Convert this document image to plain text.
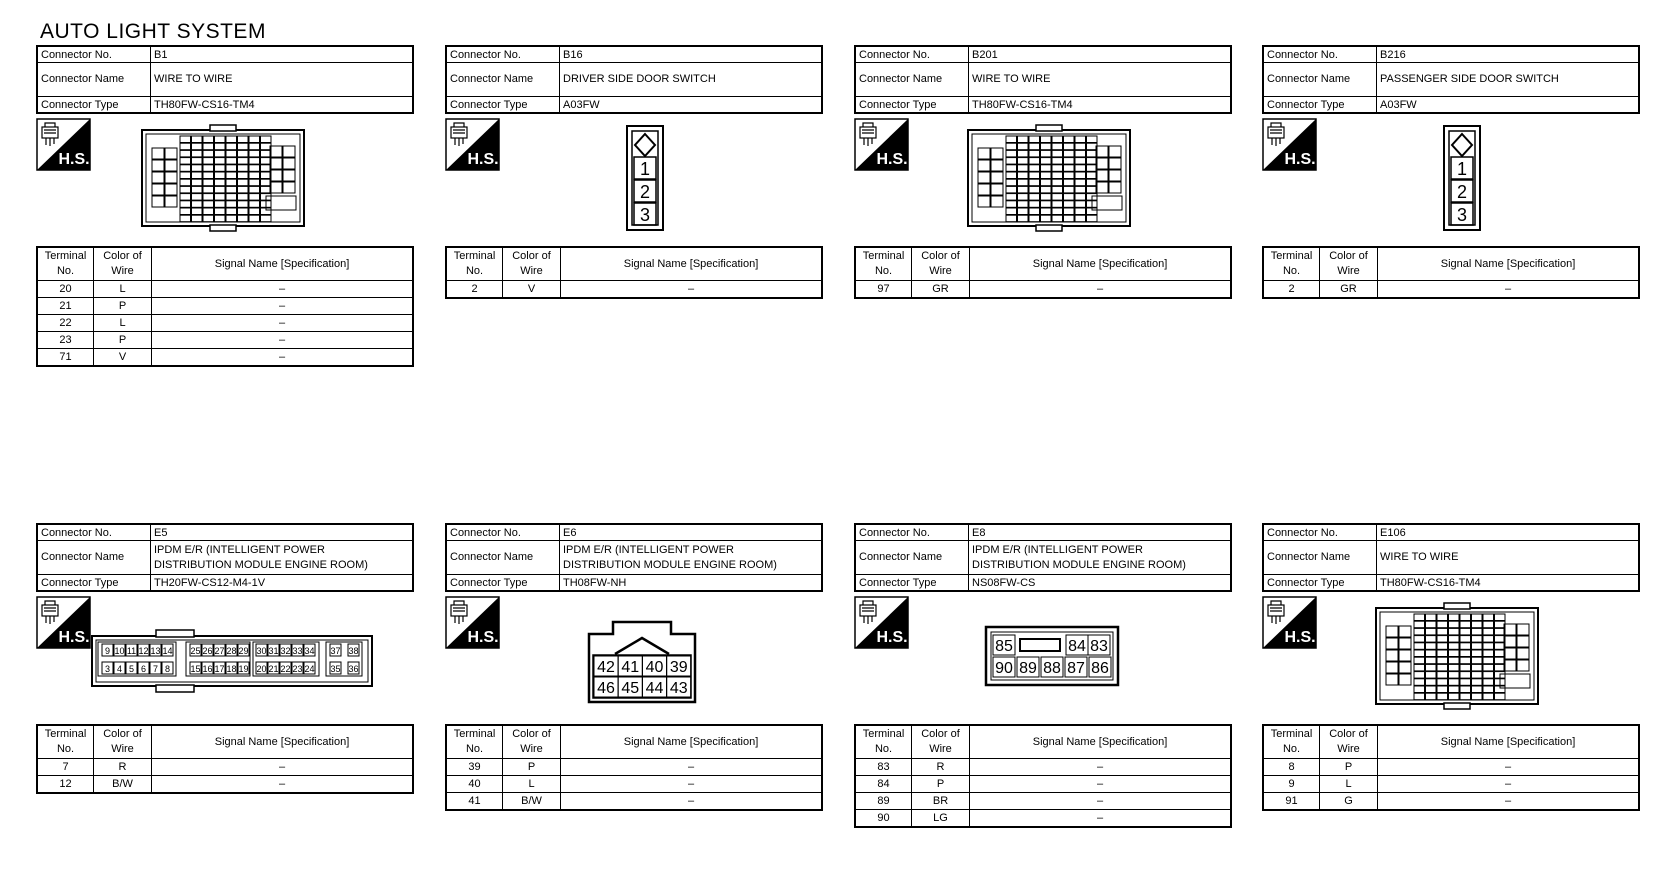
AUTO LIGHT SYSTEM
Connector No.	B1
Connector Name	WIRE TO WIRE

Connector Type	TH80FW-CS16-TM4
H.S.
Terminal No.	Color of Wire	Signal Name [Specification]
20	L	–
21	P	–
22	L	–
23	P	–
71	V	–
Connector No.	B16
Connector Name	DRIVER SIDE DOOR SWITCH

Connector Type	A03FW
H.S.	1
2
3
Terminal No.	Color of Wire	Signal Name [Specification]
2	V	–
Connector No.	B201
Connector Name	WIRE TO WIRE

Connector Type	TH80FW-CS16-TM4
H.S.
Terminal No.	Color of Wire	Signal Name [Specification]
97	GR	–
Connector No.	B216
Connector Name	PASSENGER SIDE DOOR SWITCH

Connector Type	A03FW
H.S.	1
2
3
Terminal No.	Color of Wire	Signal Name [Specification]
2	GR	–
Connector No.	E5
Connector Name	IPDM E/R (INTELLIGENT POWER
DISTRIBUTION MODULE ENGINE ROOM)

Connector Type	TH20FW-CS12-M4-1V
H.S.
9 10 11 12 13 14 25 26 27 28 29 30 31 32 33 34 37 38
3 4 5 6 7 8 15 16 17 18 19 20 21 22 23 24 35 36
Terminal No.	Color of Wire	Signal Name [Specification]
7	R	–
12	B/W	–
Connector No.	E6
Connector Name	IPDM E/R (INTELLIGENT POWER
DISTRIBUTION MODULE ENGINE ROOM)

Connector Type	TH08FW-NH
H.S.
42 41 40 39
46 45 44 43
Terminal No.	Color of Wire	Signal Name [Specification]
39	P	–
40	L	–
41	B/W	–
Connector No.	E8
Connector Name	IPDM E/R (INTELLIGENT POWER
DISTRIBUTION MODULE ENGINE ROOM)

Connector Type	NS08FW-CS
H.S.
85	84 83
90 89 88 87 86
Terminal No.	Color of Wire	Signal Name [Specification]
83	R	–
84	P	–
89	BR	–
90	LG	–
Connector No.	E106
Connector Name	WIRE TO WIRE

Connector Type	TH80FW-CS16-TM4
H.S.
Terminal No.	Color of Wire	Signal Name [Specification]
8	P	–
9	L	–
91	G	–
